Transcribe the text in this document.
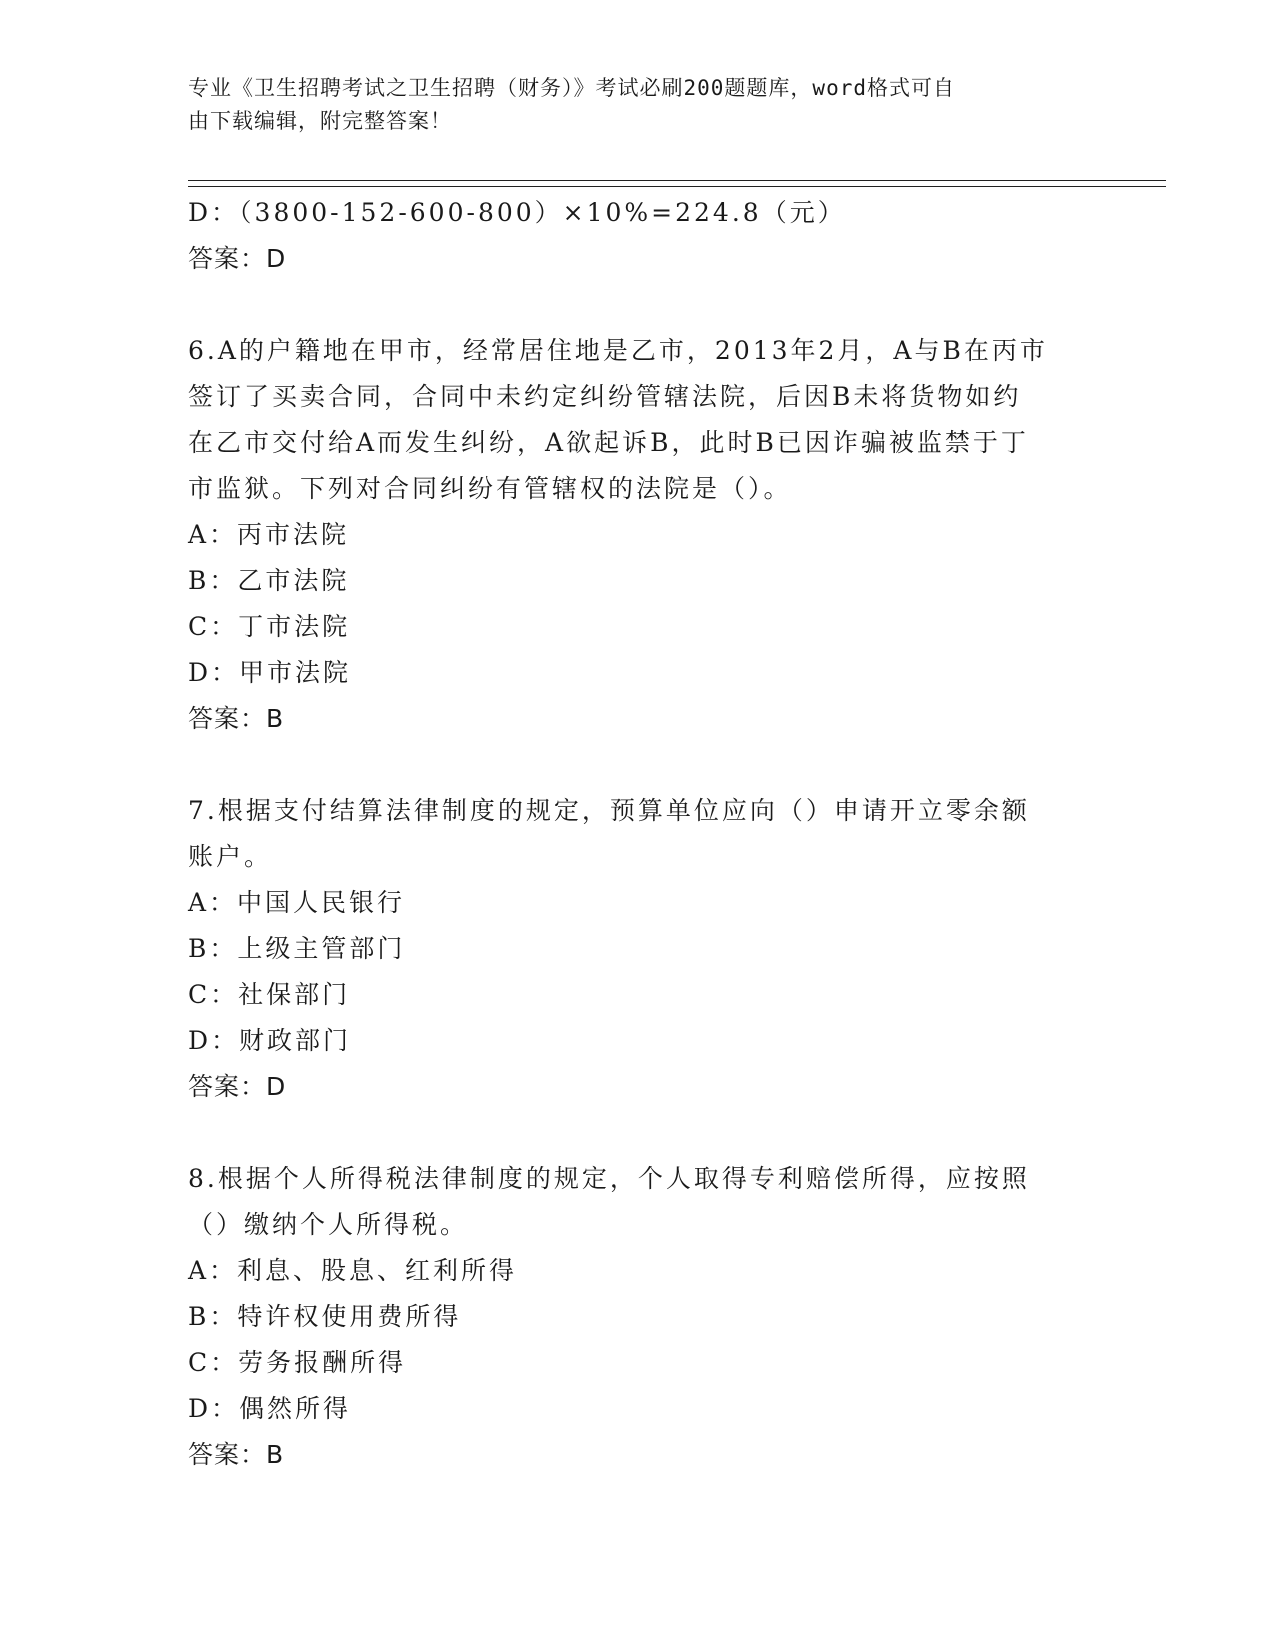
专业《卫生招聘考试之卫生招聘（财务）》考试必刷200题题库，word格式可自
由下载编辑，附完整答案！
D：（3800-152-600-800）×10%=224.8（元）
答案：D
6.A的户籍地在甲市，经常居住地是乙市，2013年2月，A与B在丙市
签订了买卖合同，合同中未约定纠纷管辖法院，后因B未将货物如约
在乙市交付给A而发生纠纷，A欲起诉B，此时B已因诈骗被监禁于丁
市监狱。下列对合同纠纷有管辖权的法院是（）。
A：丙市法院
B：乙市法院
C：丁市法院
D：甲市法院
答案：B
7.根据支付结算法律制度的规定，预算单位应向（）申请开立零余额
账户。
A：中国人民银行
B：上级主管部门
C：社保部门
D：财政部门
答案：D
8.根据个人所得税法律制度的规定，个人取得专利赔偿所得，应按照
（）缴纳个人所得税。
A：利息、股息、红利所得
B：特许权使用费所得
C：劳务报酬所得
D：偶然所得
答案：B
